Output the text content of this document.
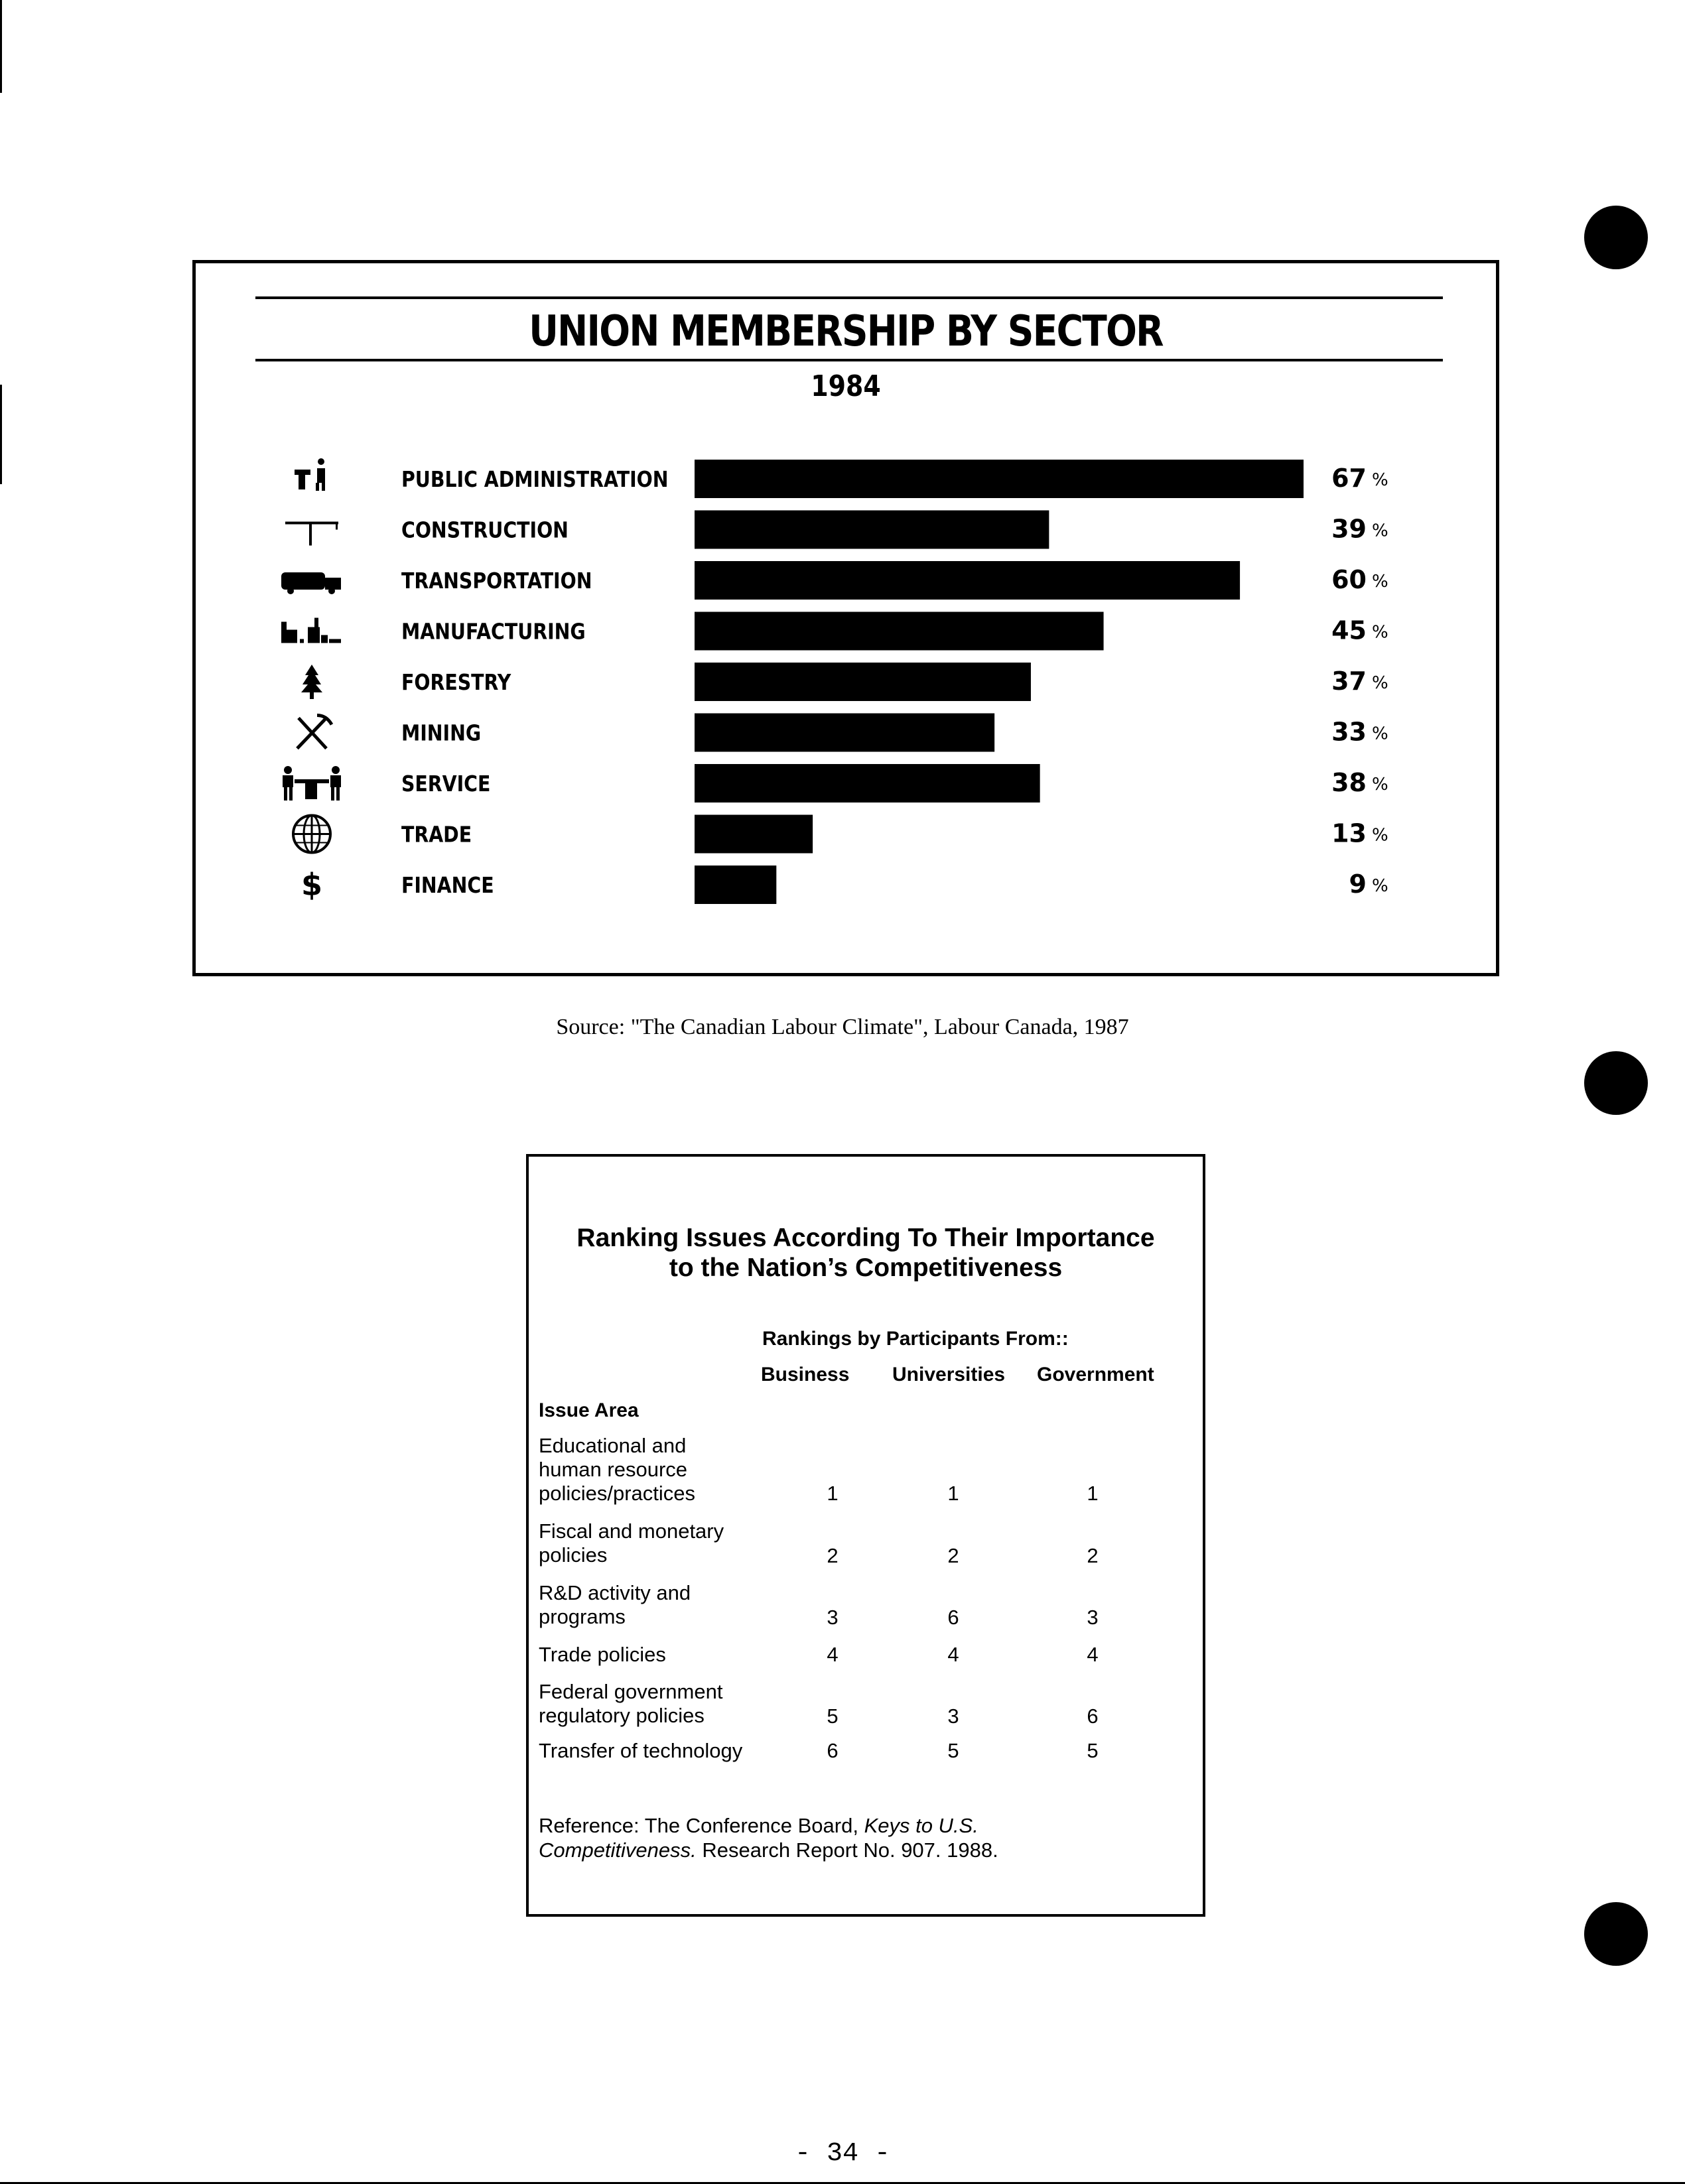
UNION MEMBERSHIP BY SECTOR
1984
PUBLIC ADMINISTRATION	67 %
CONSTRUCTION	39 %
TRANSPORTATION	60 %
MANUFACTURING	45 %
FORESTRY	37 %
MINING	33 %
SERVICE	38 %
TRADE	13 %
$	FINANCE	9 %
Source: "The Canadian Labour Climate", Labour Canada, 1987
Ranking Issues According To Their Importance
to the Nation’s Competitiveness
Rankings by Participants From::
Business Universities Government
Issue Area
Educational and
human resource
policies/practices	1	1	1
Fiscal and monetary
policies	2	2	2
R&D activity and
programs	3	6	3
Trade policies	4	4	4
Federal government
regulatory policies	5	3	6
Transfer of technology	6	5	5
Reference: The Conference Board, Keys to U.S.
Competitiveness. Research Report No. 907. 1988.
- 34 -
